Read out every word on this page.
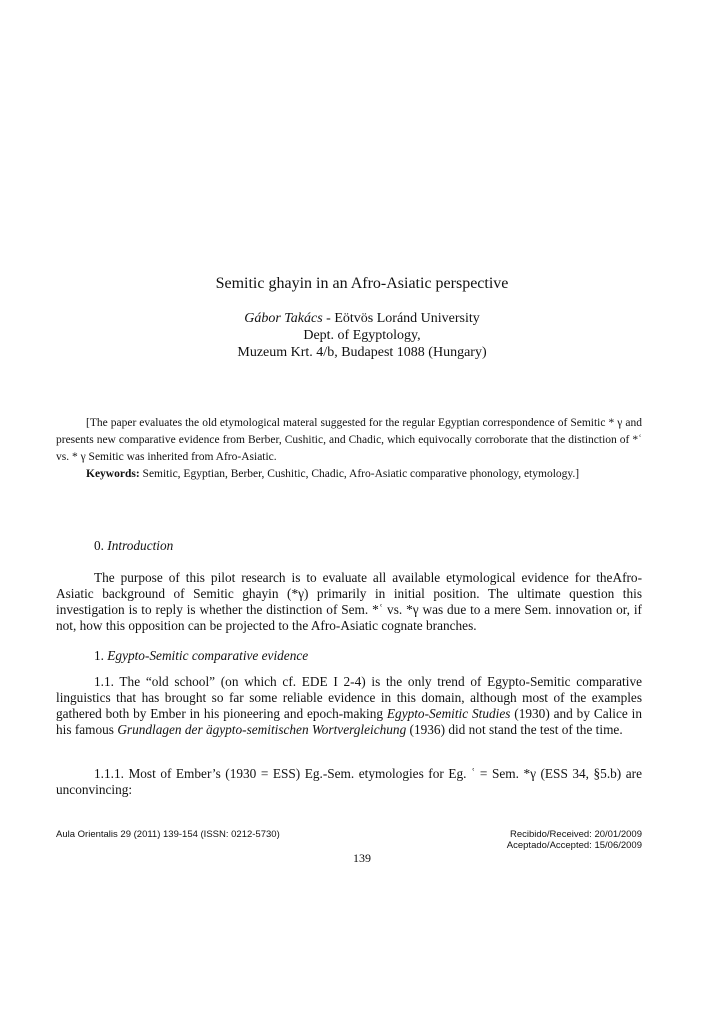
Semitic ghayin in an Afro-Asiatic perspective
Gábor Takács - Eötvös Loránd University
Dept. of Egyptology,
Muzeum Krt. 4/b, Budapest 1088 (Hungary)

[The paper evaluates the old etymological materal suggested for the regular Egyptian correspondence of Semitic * γ and presents new comparative evidence from Berber, Cushitic, and Chadic, which equivocally corroborate that the distinction of *ʿ vs. * γ Semitic was inherited from Afro-Asiatic.

Keywords: Semitic, Egyptian, Berber, Cushitic, Chadic, Afro-Asiatic comparative phonology, etymology.]

0. Introduction

The purpose of this pilot research is to evaluate all available etymological evidence for theAfro-Asiatic background of Semitic ghayin (*γ) primarily in initial position. The ultimate question this investigation is to reply is whether the distinction of Sem. *ʿ vs. *γ was due to a mere Sem. innovation or, if not, how this opposition can be projected to the Afro-Asiatic cognate branches.

1. Egypto-Semitic comparative evidence

1.1. The “old school” (on which cf. EDE I 2-4) is the only trend of Egypto-Semitic comparative linguistics that has brought so far some reliable evidence in this domain, although most of the examples gathered both by Ember in his pioneering and epoch-making Egypto-Semitic Studies (1930) and by Calice in his famous Grundlagen der ägypto-semitischen Wortvergleichung (1936) did not stand the test of the time.

1.1.1. Most of Ember’s (1930 = ESS) Eg.-Sem. etymologies for Eg. ʿ = Sem. *γ (ESS 34, §5.b) are unconvincing:

Aula Orientalis 29 (2011) 139-154 (ISSN: 0212-5730)	Recibido/Received: 20/01/2009
Aceptado/Accepted: 15/06/2009
139
